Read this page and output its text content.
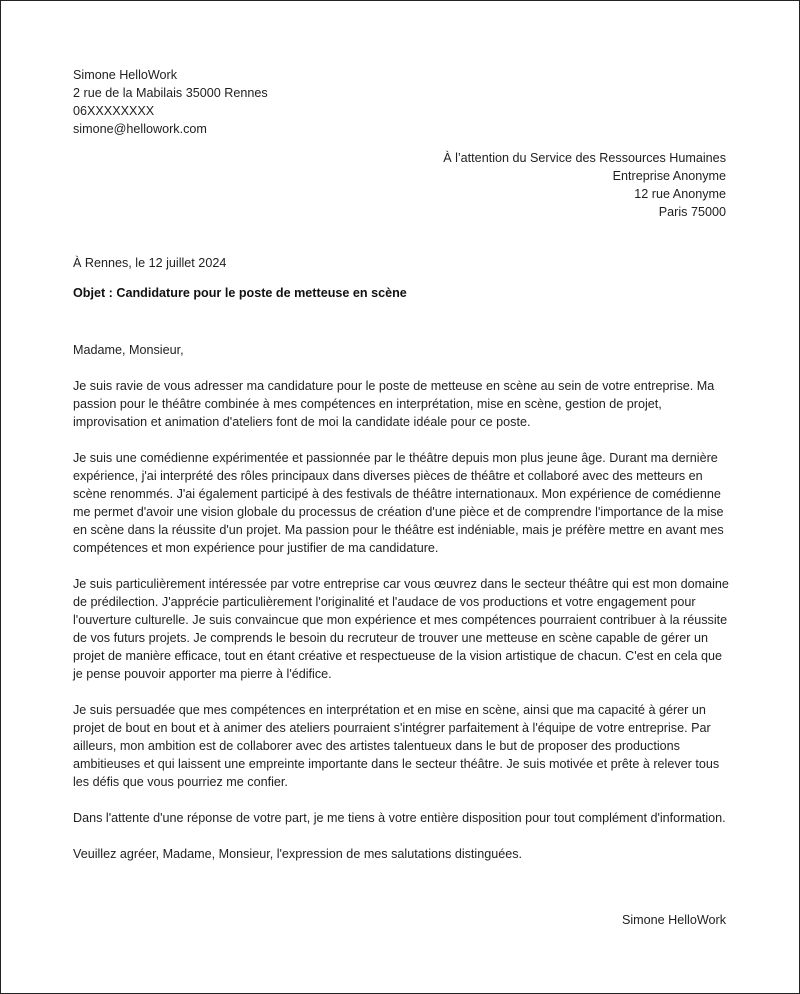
Simone HelloWork
2 rue de la Mabilais 35000 Rennes
06XXXXXXXX
simone@hellowork.com
À l’attention du Service des Ressources Humaines
Entreprise Anonyme
12 rue Anonyme
Paris 75000
À Rennes, le 12 juillet 2024
Objet : Candidature pour le poste de metteuse en scène

Madame, Monsieur,

Je suis ravie de vous adresser ma candidature pour le poste de metteuse en scène au sein de votre entreprise. Ma passion pour le théâtre combinée à mes compétences en interprétation, mise en scène, gestion de projet, improvisation et animation d'ateliers font de moi la candidate idéale pour ce poste.

Je suis une comédienne expérimentée et passionnée par le théâtre depuis mon plus jeune âge. Durant ma dernière expérience, j'ai interprété des rôles principaux dans diverses pièces de théâtre et collaboré avec des metteurs en scène renommés. J'ai également participé à des festivals de théâtre internationaux. Mon expérience de comédienne me permet d'avoir une vision globale du processus de création d'une pièce et de comprendre l'importance de la mise en scène dans la réussite d'un projet. Ma passion pour le théâtre est indéniable, mais je préfère mettre en avant mes compétences et mon expérience pour justifier de ma candidature.

Je suis particulièrement intéressée par votre entreprise car vous œuvrez dans le secteur théâtre qui est mon domaine de prédilection. J'apprécie particulièrement l'originalité et l'audace de vos productions et votre engagement pour l'ouverture culturelle. Je suis convaincue que mon expérience et mes compétences pourraient contribuer à la réussite de vos futurs projets. Je comprends le besoin du recruteur de trouver une metteuse en scène capable de gérer un projet de manière efficace, tout en étant créative et respectueuse de la vision artistique de chacun. C'est en cela que je pense pouvoir apporter ma pierre à l'édifice.

Je suis persuadée que mes compétences en interprétation et en mise en scène, ainsi que ma capacité à gérer un projet de bout en bout et à animer des ateliers pourraient s'intégrer parfaitement à l'équipe de votre entreprise. Par ailleurs, mon ambition est de collaborer avec des artistes talentueux dans le but de proposer des productions ambitieuses et qui laissent une empreinte importante dans le secteur théâtre. Je suis motivée et prête à relever tous les défis que vous pourriez me confier.

Dans l'attente d'une réponse de votre part, je me tiens à votre entière disposition pour tout complément d'information.

Veuillez agréer, Madame, Monsieur, l'expression de mes salutations distinguées.

Simone HelloWork
